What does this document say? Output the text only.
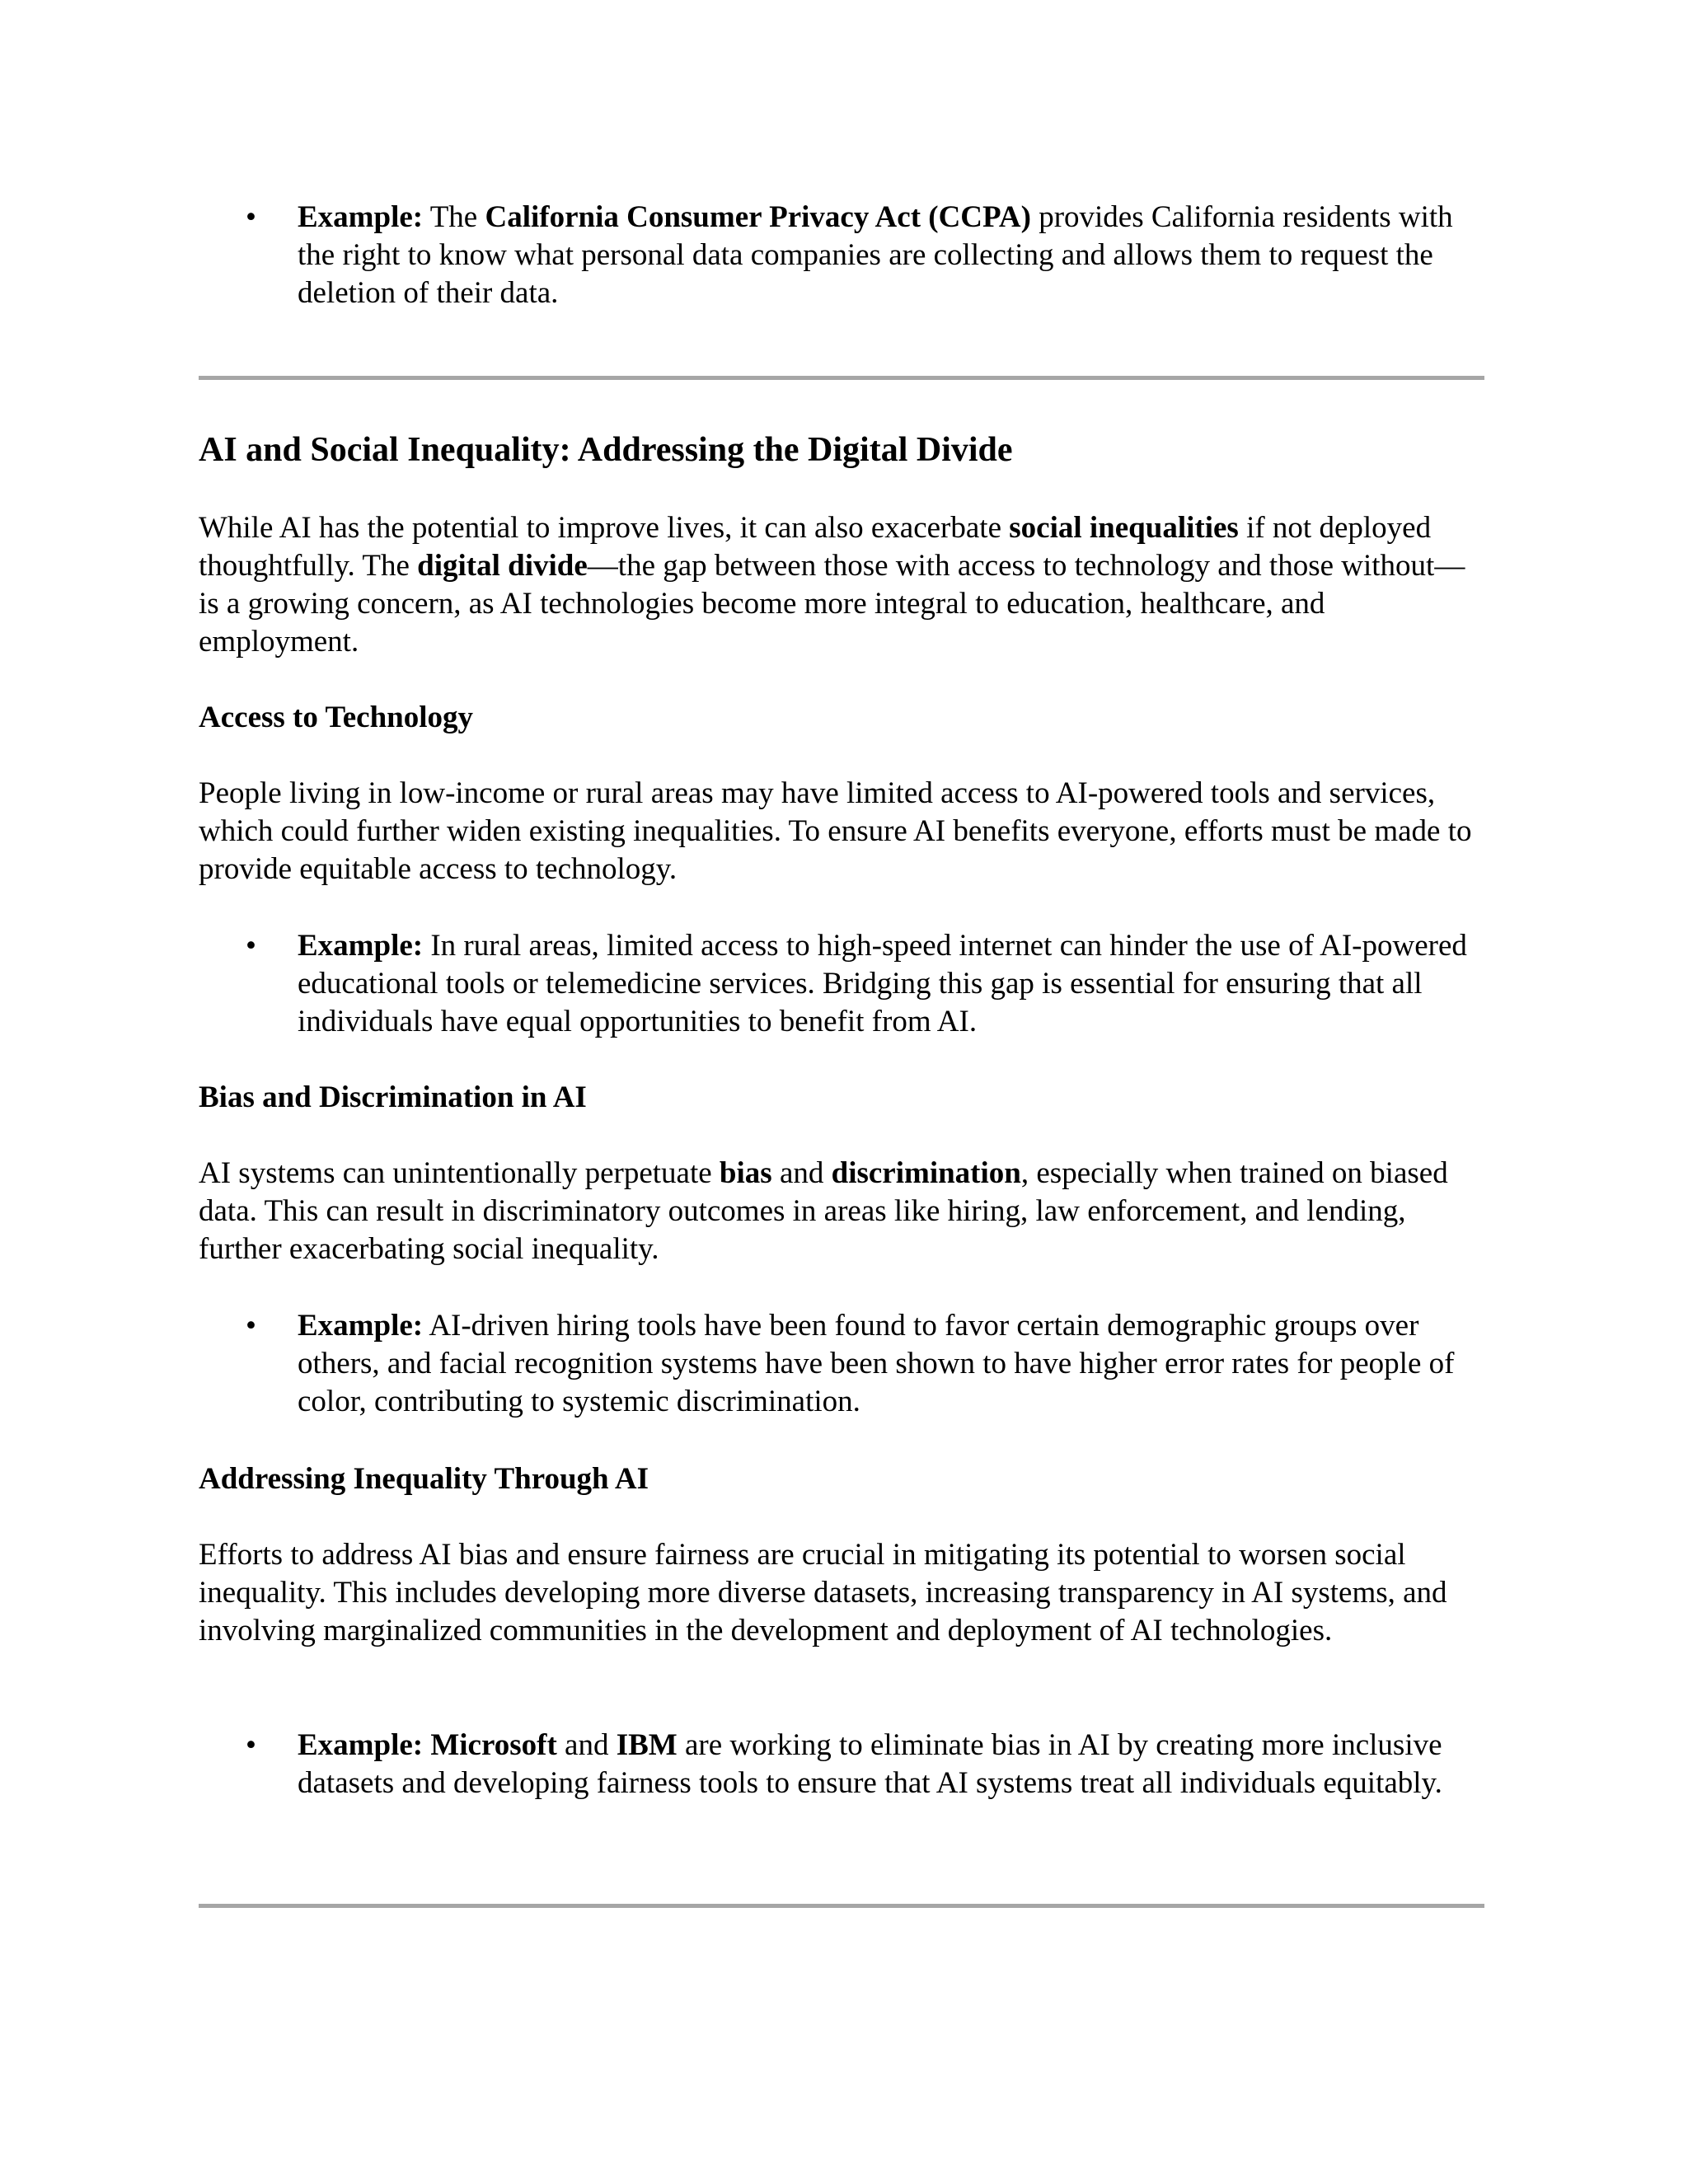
• Example: The California Consumer Privacy Act (CCPA) provides California residents with the right to know what personal data companies are collecting and allows them to request the deletion of their data.

AI and Social Inequality: Addressing the Digital Divide

While AI has the potential to improve lives, it can also exacerbate social inequalities if not deployed thoughtfully. The digital divide—the gap between those with access to technology and those without—is a growing concern, as AI technologies become more integral to education, healthcare, and employment.

Access to Technology

People living in low-income or rural areas may have limited access to AI-powered tools and services, which could further widen existing inequalities. To ensure AI benefits everyone, efforts must be made to provide equitable access to technology.

• Example: In rural areas, limited access to high-speed internet can hinder the use of AI-powered educational tools or telemedicine services. Bridging this gap is essential for ensuring that all individuals have equal opportunities to benefit from AI.

Bias and Discrimination in AI

AI systems can unintentionally perpetuate bias and discrimination, especially when trained on biased data. This can result in discriminatory outcomes in areas like hiring, law enforcement, and lending, further exacerbating social inequality.

• Example: AI-driven hiring tools have been found to favor certain demographic groups over others, and facial recognition systems have been shown to have higher error rates for people of color, contributing to systemic discrimination.

Addressing Inequality Through AI

Efforts to address AI bias and ensure fairness are crucial in mitigating its potential to worsen social inequality. This includes developing more diverse datasets, increasing transparency in AI systems, and involving marginalized communities in the development and deployment of AI technologies.

• Example: Microsoft and IBM are working to eliminate bias in AI by creating more inclusive datasets and developing fairness tools to ensure that AI systems treat all individuals equitably.
